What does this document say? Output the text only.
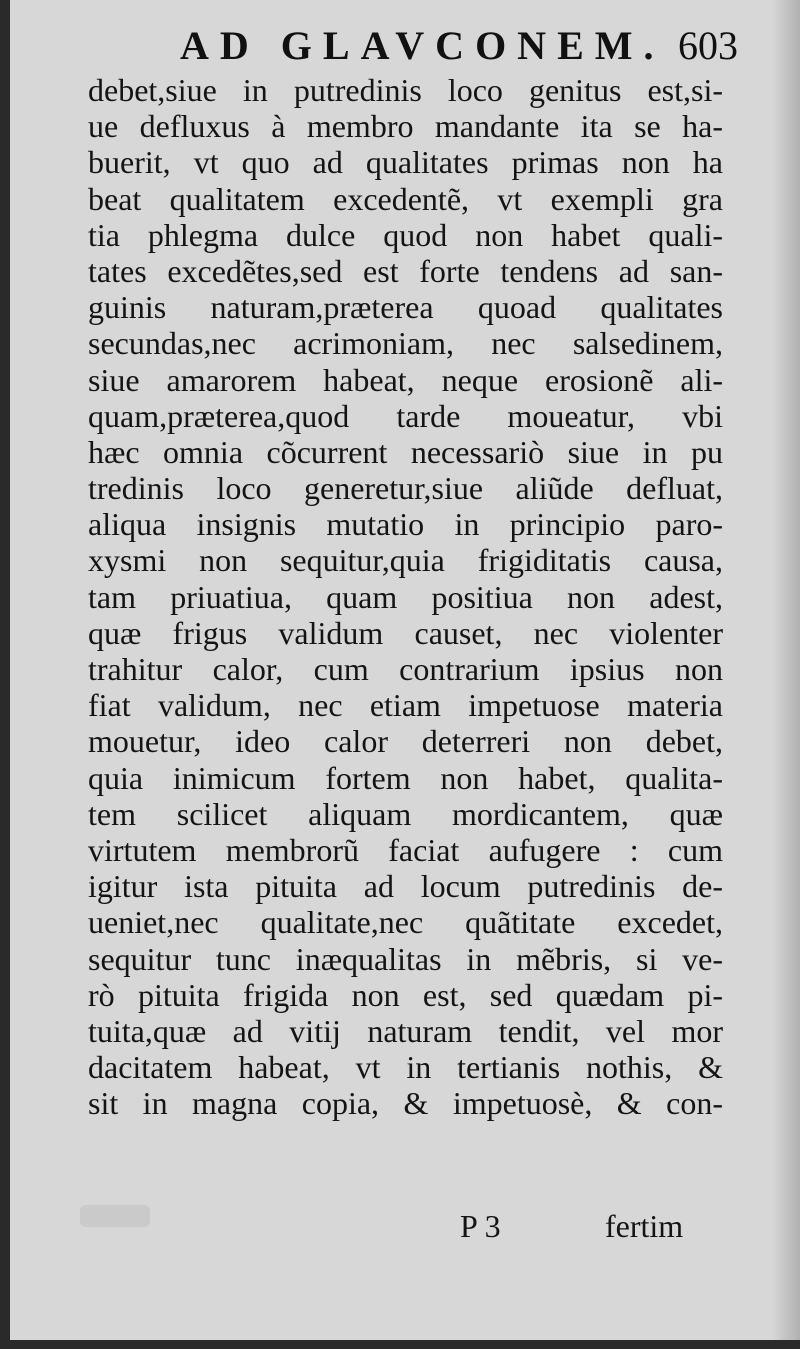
AD GLAVCONEM. 603
debet,siue in putredinis loco genitus est,si-
ue defluxus à membro mandante ita se ha-
buerit, vt quo ad qualitates primas non ha
beat qualitatem excedentẽ, vt exempli gra
tia phlegma dulce quod non habet quali-
tates excedẽtes,sed est forte tendens ad san-
guinis naturam,prӕterea quoad qualitates
secundas,nec acrimoniam, nec salsedinem,
siue amarorem habeat, neque erosionẽ ali-
quam,prӕterea,quod tarde moueatur, vbi
hӕc omnia cõcurrent necessariò siue in pu
tredinis loco generetur,siue aliũde defluat,
aliqua insignis mutatio in principio paro-
xysmi non sequitur,quia frigiditatis causa,
tam priuatiua, quam positiua non adest,
quӕ frigus validum causet, nec violenter
trahitur calor, cum contrarium ipsius non
fiat validum, nec etiam impetuose materia
mouetur, ideo calor deterreri non debet,
quia inimicum fortem non habet, qualita-
tem scilicet aliquam mordicantem, quӕ
virtutem membrorũ faciat aufugere : cum
igitur ista pituita ad locum putredinis de-
ueniet,nec qualitate,nec quãtitate excedet,
sequitur tunc inӕqualitas in mẽbris, si ve-
rò pituita frigida non est, sed quӕdam pi-
tuita,quӕ ad vitij naturam tendit, vel mor
dacitatem habeat, vt in tertianis nothis, &
sit in magna copia, & impetuosè, & con-
P 3	fertim
